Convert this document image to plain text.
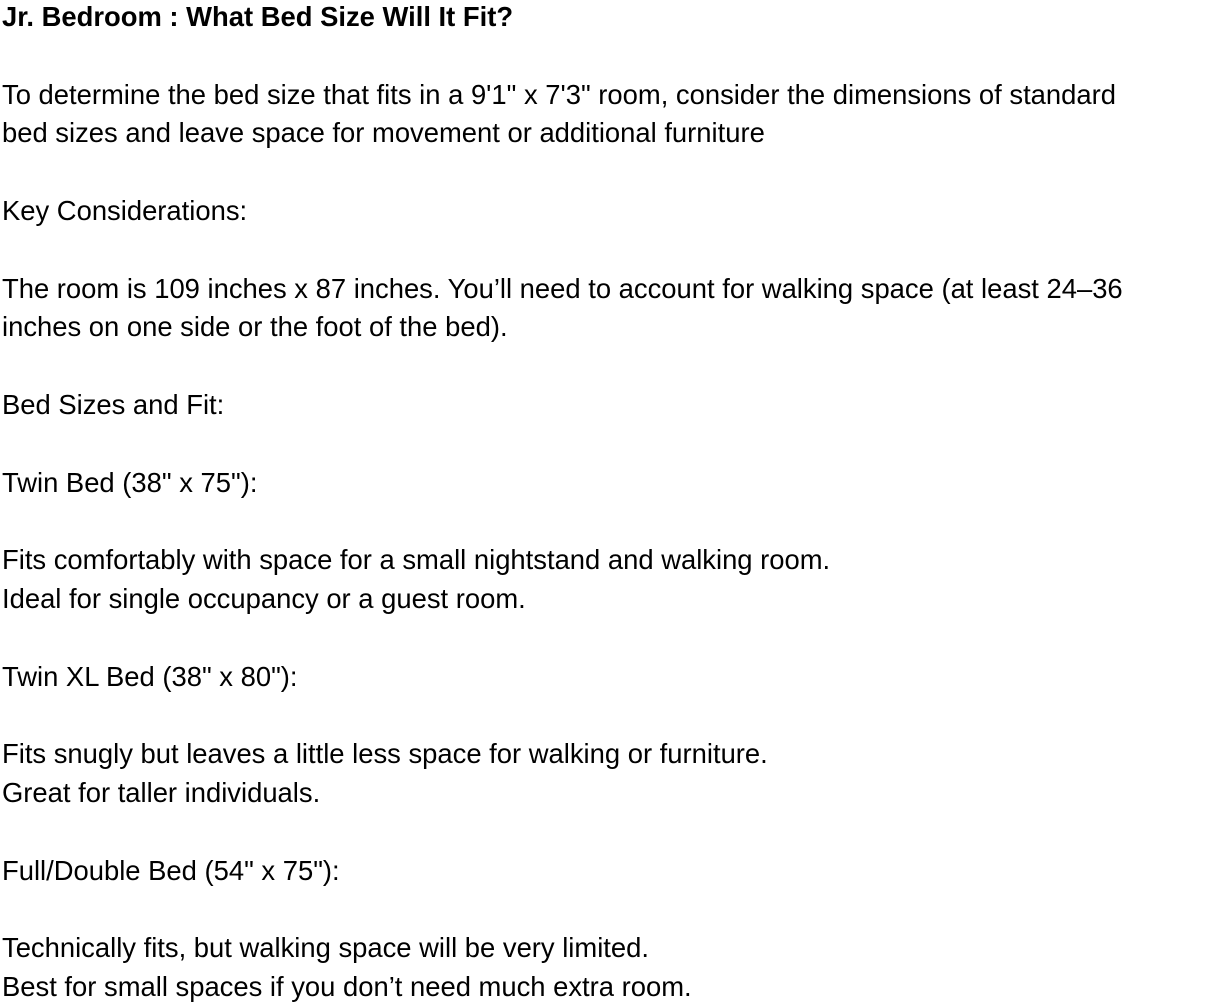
Jr. Bedroom : What Bed Size Will It Fit?
To determine the bed size that fits in a 9'1" x 7'3" room, consider the dimensions of standard
bed sizes and leave space for movement or additional furniture
Key Considerations:
The room is 109 inches x 87 inches. You’ll need to account for walking space (at least 24–36
inches on one side or the foot of the bed).
Bed Sizes and Fit:
Twin Bed (38" x 75"):
Fits comfortably with space for a small nightstand and walking room.
Ideal for single occupancy or a guest room.
Twin XL Bed (38" x 80"):
Fits snugly but leaves a little less space for walking or furniture.
Great for taller individuals.
Full/Double Bed (54" x 75"):
Technically fits, but walking space will be very limited.
Best for small spaces if you don’t need much extra room.
